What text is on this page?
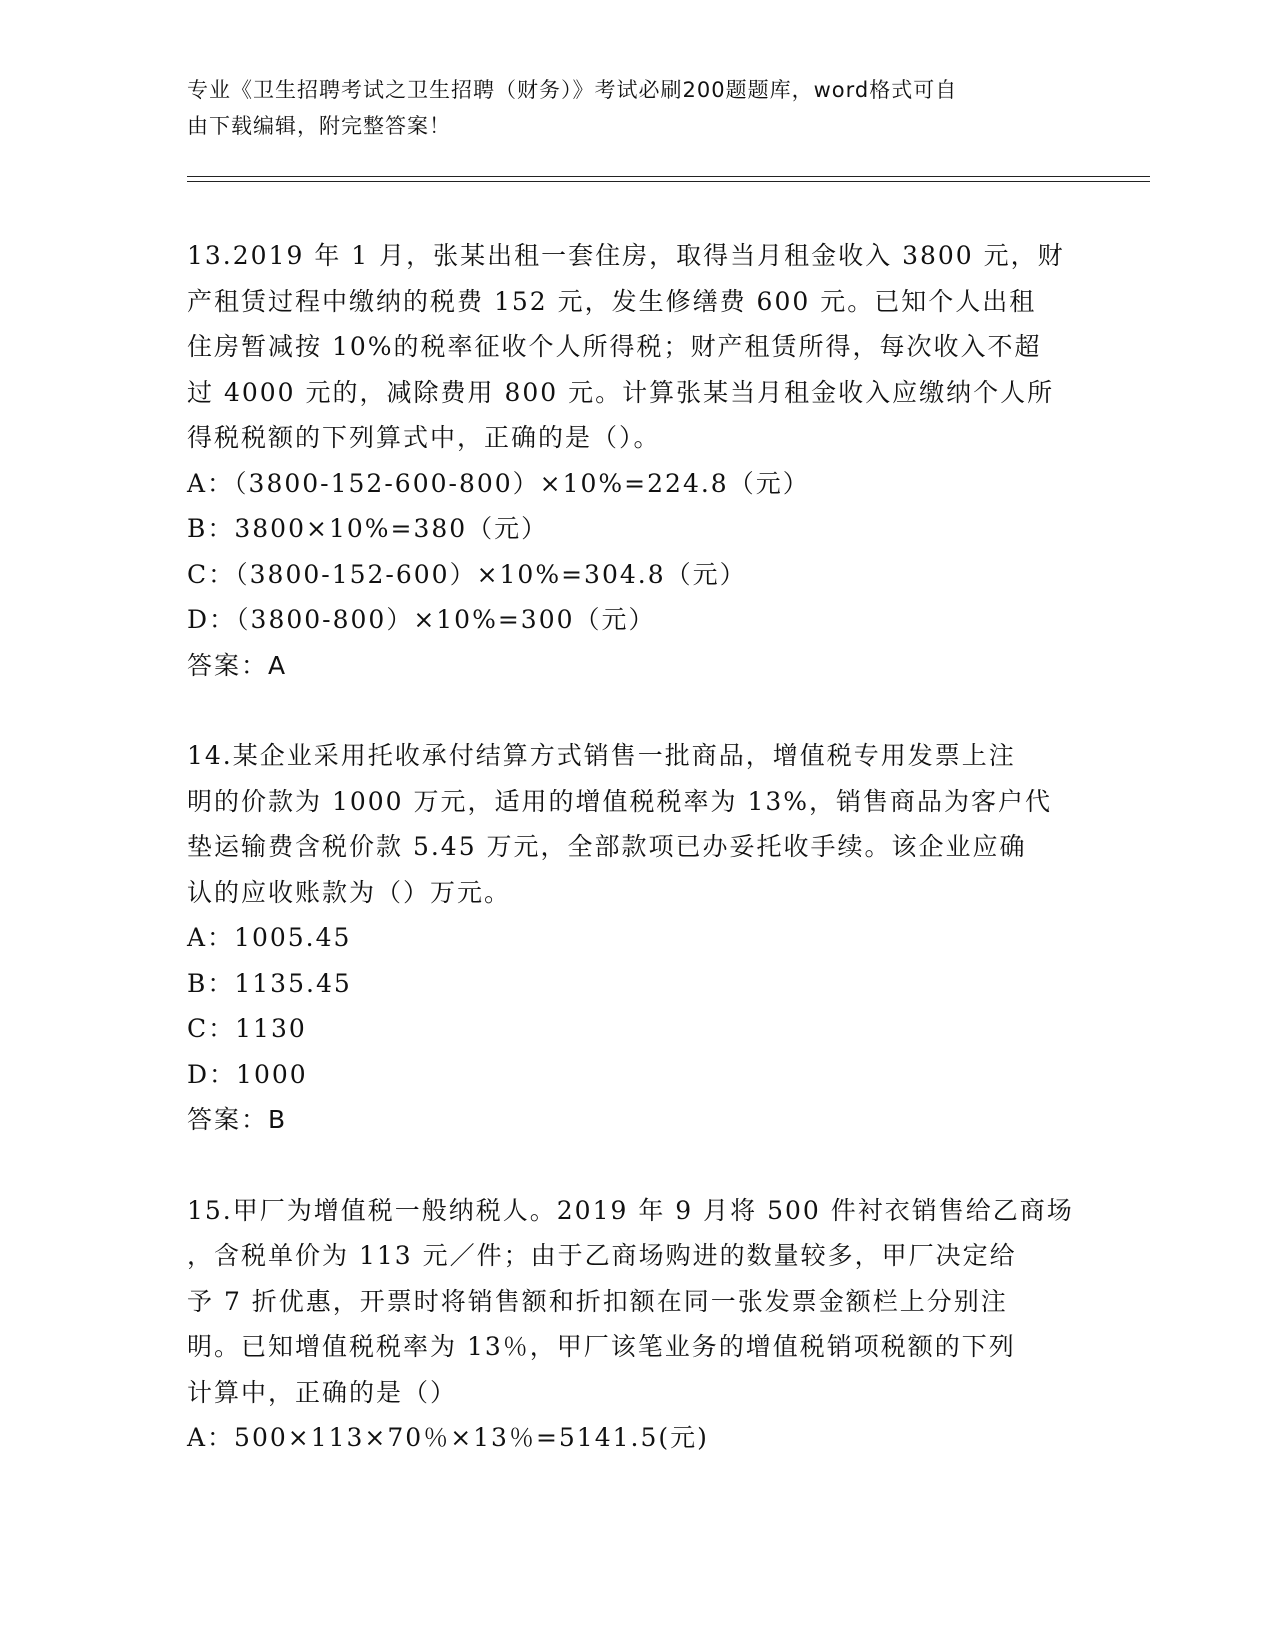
专业《卫生招聘考试之卫生招聘（财务）》考试必刷200题题库，word格式可自
由下载编辑，附完整答案！
13.2019 年 1 月，张某出租一套住房，取得当月租金收入 3800 元，财
产租赁过程中缴纳的税费 152 元，发生修缮费 600 元。已知个人出租
住房暂减按 10%的税率征收个人所得税；财产租赁所得，每次收入不超
过 4000 元的，减除费用 800 元。计算张某当月租金收入应缴纳个人所
得税税额的下列算式中，正确的是（）。
A：（3800-152-600-800）×10%=224.8（元）
B：3800×10%=380（元）
C：（3800-152-600）×10%=304.8（元）
D：（3800-800）×10%=300（元）
答案：A
14.某企业采用托收承付结算方式销售一批商品，增值税专用发票上注
明的价款为 1000 万元，适用的增值税税率为 13%，销售商品为客户代
垫运输费含税价款 5.45 万元，全部款项已办妥托收手续。该企业应确
认的应收账款为（）万元。
A：1005.45
B：1135.45
C：1130
D：1000
答案：B
15.甲厂为增值税一般纳税人。2019 年 9 月将 500 件衬衣销售给乙商场
，含税单价为 113 元／件；由于乙商场购进的数量较多，甲厂决定给
予 7 折优惠，开票时将销售额和折扣额在同一张发票金额栏上分别注
明。已知增值税税率为 13％，甲厂该笔业务的增值税销项税额的下列
计算中，正确的是（）
A：500×113×70％×13％=5141.5(元)
